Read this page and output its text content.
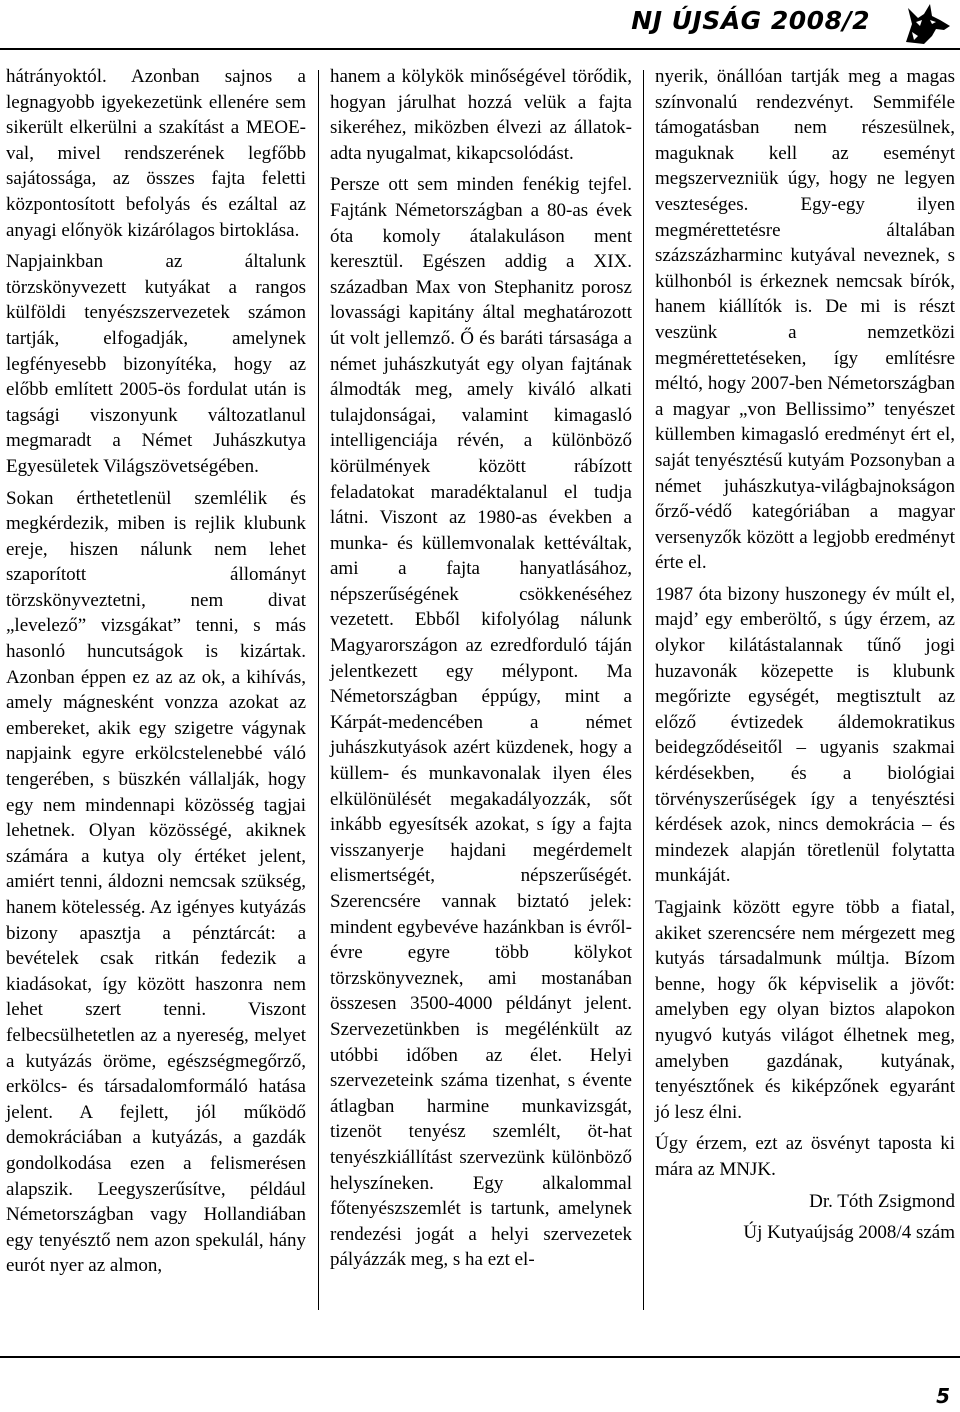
NJ ÚJSÁG 2008/2

hátrányoktól. Azonban sajnos a legnagyobb igyekezetünk ellenére sem sikerült elkerülni a szakítást a MEOE-val, mivel rendszerének legfőbb sajátossága, az összes fajta feletti központosított befolyás és ezáltal az anyagi előnyök kizárólagos birtoklása.

Napjainkban az általunk törzskönyvezett kutyákat a rangos külföldi tenyészszervezetek számon tartják, elfogadják, amelynek legfényesebb bizonyítéka, hogy az előbb említett 2005-ös fordulat után is tagsági viszonyunk változatlanul megmaradt a Német Juhászkutya Egyesületek Világszövetségében.

Sokan érthetetlenül szemlélik és megkérdezik, miben is rejlik klubunk ereje, hiszen nálunk nem lehet szaporított állományt törzskönyveztetni, nem divat „levelező” vizsgákat” tenni, s más hasonló huncutságok is kizártak. Azonban éppen ez az az ok, a kihívás, amely mágnesként vonzza azokat az embereket, akik egy szigetre vágynak napjaink egyre erkölcstelenebbé váló tengerében, s büszkén vállalják, hogy egy nem mindennapi közösség tagjai lehetnek. Olyan közösségé, akiknek számára a kutya oly értéket jelent, amiért tenni, áldozni nemcsak szükség, hanem kötelesség. Az igényes kutyázás bizony apasztja a pénztárcát: a bevételek csak ritkán fedezik a kiadásokat, így között haszonra nem lehet szert tenni. Viszont felbecsülhetetlen az a nyereség, melyet a kutyázás öröme, egészségmegőrző, erkölcs- és társadalomformáló hatása jelent. A fejlett, jól működő demokráciában a kutyázás, a gazdák gondolkodása ezen a felismerésen alapszik. Leegyszerűsítve, például Németországban vagy Hollandiában egy tenyésztő nem azon spekulál, hány eurót nyer az almon,

hanem a kölykök minőségével törődik, hogyan járulhat hozzá velük a fajta sikeréhez, miközben élvezi az állatok-adta nyugalmat, kikapcsolódást.

Persze ott sem minden fenékig tejfel. Fajtánk Németországban a 80-as évek óta komoly átalakuláson ment keresztül. Egészen addig a XIX. században Max von Stephanitz porosz lovassági kapitány által meghatározott út volt jellemző. Ő és baráti társasága a német juhászkutyát egy olyan fajtának álmodták meg, amely kiváló alkati tulajdonságai, valamint kimagasló intelligenciája révén, a különböző körülmények között rábízott feladatokat maradéktalanul el tudja látni. Viszont az 1980-as években a munka- és küllemvonalak kettéváltak, ami a fajta hanyatlásához, népszerűségének csökkenéséhez vezetett. Ebből kifolyólag nálunk Magyarországon az ezredforduló táján jelentkezett egy mélypont. Ma Németországban éppúgy, mint a Kárpát-medencében a német juhászkutyások azért küzdenek, hogy a küllem- és munkavonalak ilyen éles elkülönülését megakadályozzák, sőt inkább egyesítsék azokat, s így a fajta visszanyerje hajdani megérdemelt elismertségét, népszerűségét. Szerencsére vannak biztató jelek: mindent egybevéve hazánkban is évről-évre egyre több kölykot törzskönyveznek, ami mostanában összesen 3500-4000 példányt jelent. Szervezetünkben is megélénkült az utóbbi időben az élet. Helyi szervezeteink száma tizenhat, s évente átlagban harmine munkavizsgát, tizenöt tenyész szemlélt, öt-hat tenyészkiállítást szervezünk különböző helyszíneken. Egy alkalommal főtenyészszemlét is tartunk, amelynek rendezési jogát a helyi szervezetek pályázzák meg, s ha ezt el-

nyerik, önállóan tartják meg a magas színvonalú rendezvényt. Semmiféle támogatásban nem részesülnek, maguknak kell az eseményt megszervezniük úgy, hogy ne legyen veszteséges. Egy-egy ilyen megmérettetésre általában százszázharminc kutyával neveznek, s külhonból is érkeznek nemcsak bírók, hanem kiállítók is. De mi is részt veszünk a nemzetközi megmérettetéseken, így említésre méltó, hogy 2007-ben Németországban a magyar „von Bellissimo” tenyészet küllemben kimagasló eredményt ért el, saját tenyésztésű kutyám Pozsonyban a német juhászkutya-világbajnokságon őrző-védő kategóriában a magyar versenyzők között a legjobb eredményt érte el.

1987 óta bizony huszonegy év múlt el, majd’ egy emberöltő, s úgy érzem, az olykor kilátástalannak tűnő jogi huzavonák közepette is klubunk megőrizte egységét, megtisztult az előző évtizedek áldemokratikus beidegződéseitől – ugyanis szakmai kérdésekben, és a biológiai törvényszerűségek így a tenyésztési kérdések azok, nincs demokrácia – és mindezek alapján töretlenül folytatta munkáját.

Tagjaink között egyre több a fiatal, akiket szerencsére nem mérgezett meg kutyás társadalmunk múltja. Bízom benne, hogy ők képviselik a jövőt: amelyben egy olyan biztos alapokon nyugvó kutyás világot élhetnek meg, amelyben gazdának, kutyának, tenyésztőnek és kiképzőnek egyaránt jó lesz élni.

Úgy érzem, ezt az ösvényt taposta ki mára az MNJK.

Dr. Tóth Zsigmond

Új Kutyaújság 2008/4 szám

5
